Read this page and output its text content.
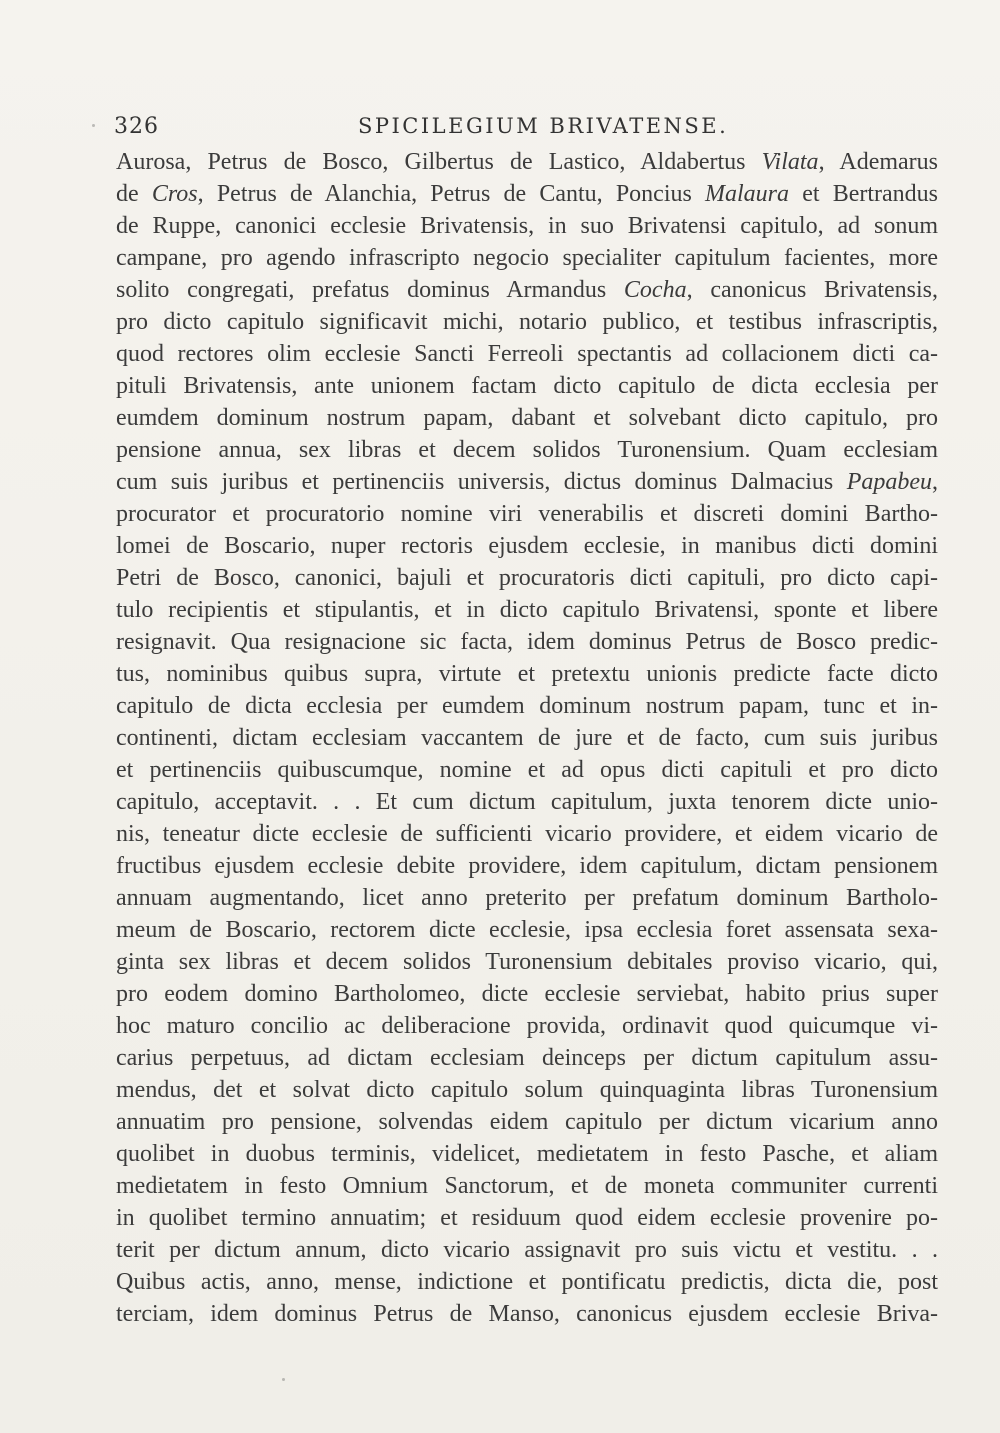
326	SPICILEGIUM BRIVATENSE.
Aurosa, Petrus de Bosco, Gilbertus de Lastico, Aldabertus Vilata, Ademarus
de Cros, Petrus de Alanchia, Petrus de Cantu, Poncius Malaura et Bertrandus
de Ruppe, canonici ecclesie Brivatensis, in suo Brivatensi capitulo, ad sonum
campane, pro agendo infrascripto negocio specialiter capitulum facientes, more
solito congregati, prefatus dominus Armandus Cocha, canonicus Brivatensis,
pro dicto capitulo significavit michi, notario publico, et testibus infrascriptis,
quod rectores olim ecclesie Sancti Ferreoli spectantis ad collacionem dicti ca-
pituli Brivatensis, ante unionem factam dicto capitulo de dicta ecclesia per
eumdem dominum nostrum papam, dabant et solvebant dicto capitulo, pro
pensione annua, sex libras et decem solidos Turonensium. Quam ecclesiam
cum suis juribus et pertinenciis universis, dictus dominus Dalmacius Papabeu,
procurator et procuratorio nomine viri venerabilis et discreti domini Bartho-
lomei de Boscario, nuper rectoris ejusdem ecclesie, in manibus dicti domini
Petri de Bosco, canonici, bajuli et procuratoris dicti capituli, pro dicto capi-
tulo recipientis et stipulantis, et in dicto capitulo Brivatensi, sponte et libere
resignavit. Qua resignacione sic facta, idem dominus Petrus de Bosco predic-
tus, nominibus quibus supra, virtute et pretextu unionis predicte facte dicto
capitulo de dicta ecclesia per eumdem dominum nostrum papam, tunc et in-
continenti, dictam ecclesiam vaccantem de jure et de facto, cum suis juribus
et pertinenciis quibuscumque, nomine et ad opus dicti capituli et pro dicto
capitulo, acceptavit. . . Et cum dictum capitulum, juxta tenorem dicte unio-
nis, teneatur dicte ecclesie de sufficienti vicario providere, et eidem vicario de
fructibus ejusdem ecclesie debite providere, idem capitulum, dictam pensionem
annuam augmentando, licet anno preterito per prefatum dominum Bartholo-
meum de Boscario, rectorem dicte ecclesie, ipsa ecclesia foret assensata sexa-
ginta sex libras et decem solidos Turonensium debitales proviso vicario, qui,
pro eodem domino Bartholomeo, dicte ecclesie serviebat, habito prius super
hoc maturo concilio ac deliberacione provida, ordinavit quod quicumque vi-
carius perpetuus, ad dictam ecclesiam deinceps per dictum capitulum assu-
mendus, det et solvat dicto capitulo solum quinquaginta libras Turonensium
annuatim pro pensione, solvendas eidem capitulo per dictum vicarium anno
quolibet in duobus terminis, videlicet, medietatem in festo Pasche, et aliam
medietatem in festo Omnium Sanctorum, et de moneta communiter currenti
in quolibet termino annuatim; et residuum quod eidem ecclesie provenire po-
terit per dictum annum, dicto vicario assignavit pro suis victu et vestitu. . .
Quibus actis, anno, mense, indictione et pontificatu predictis, dicta die, post
terciam, idem dominus Petrus de Manso, canonicus ejusdem ecclesie Briva-
